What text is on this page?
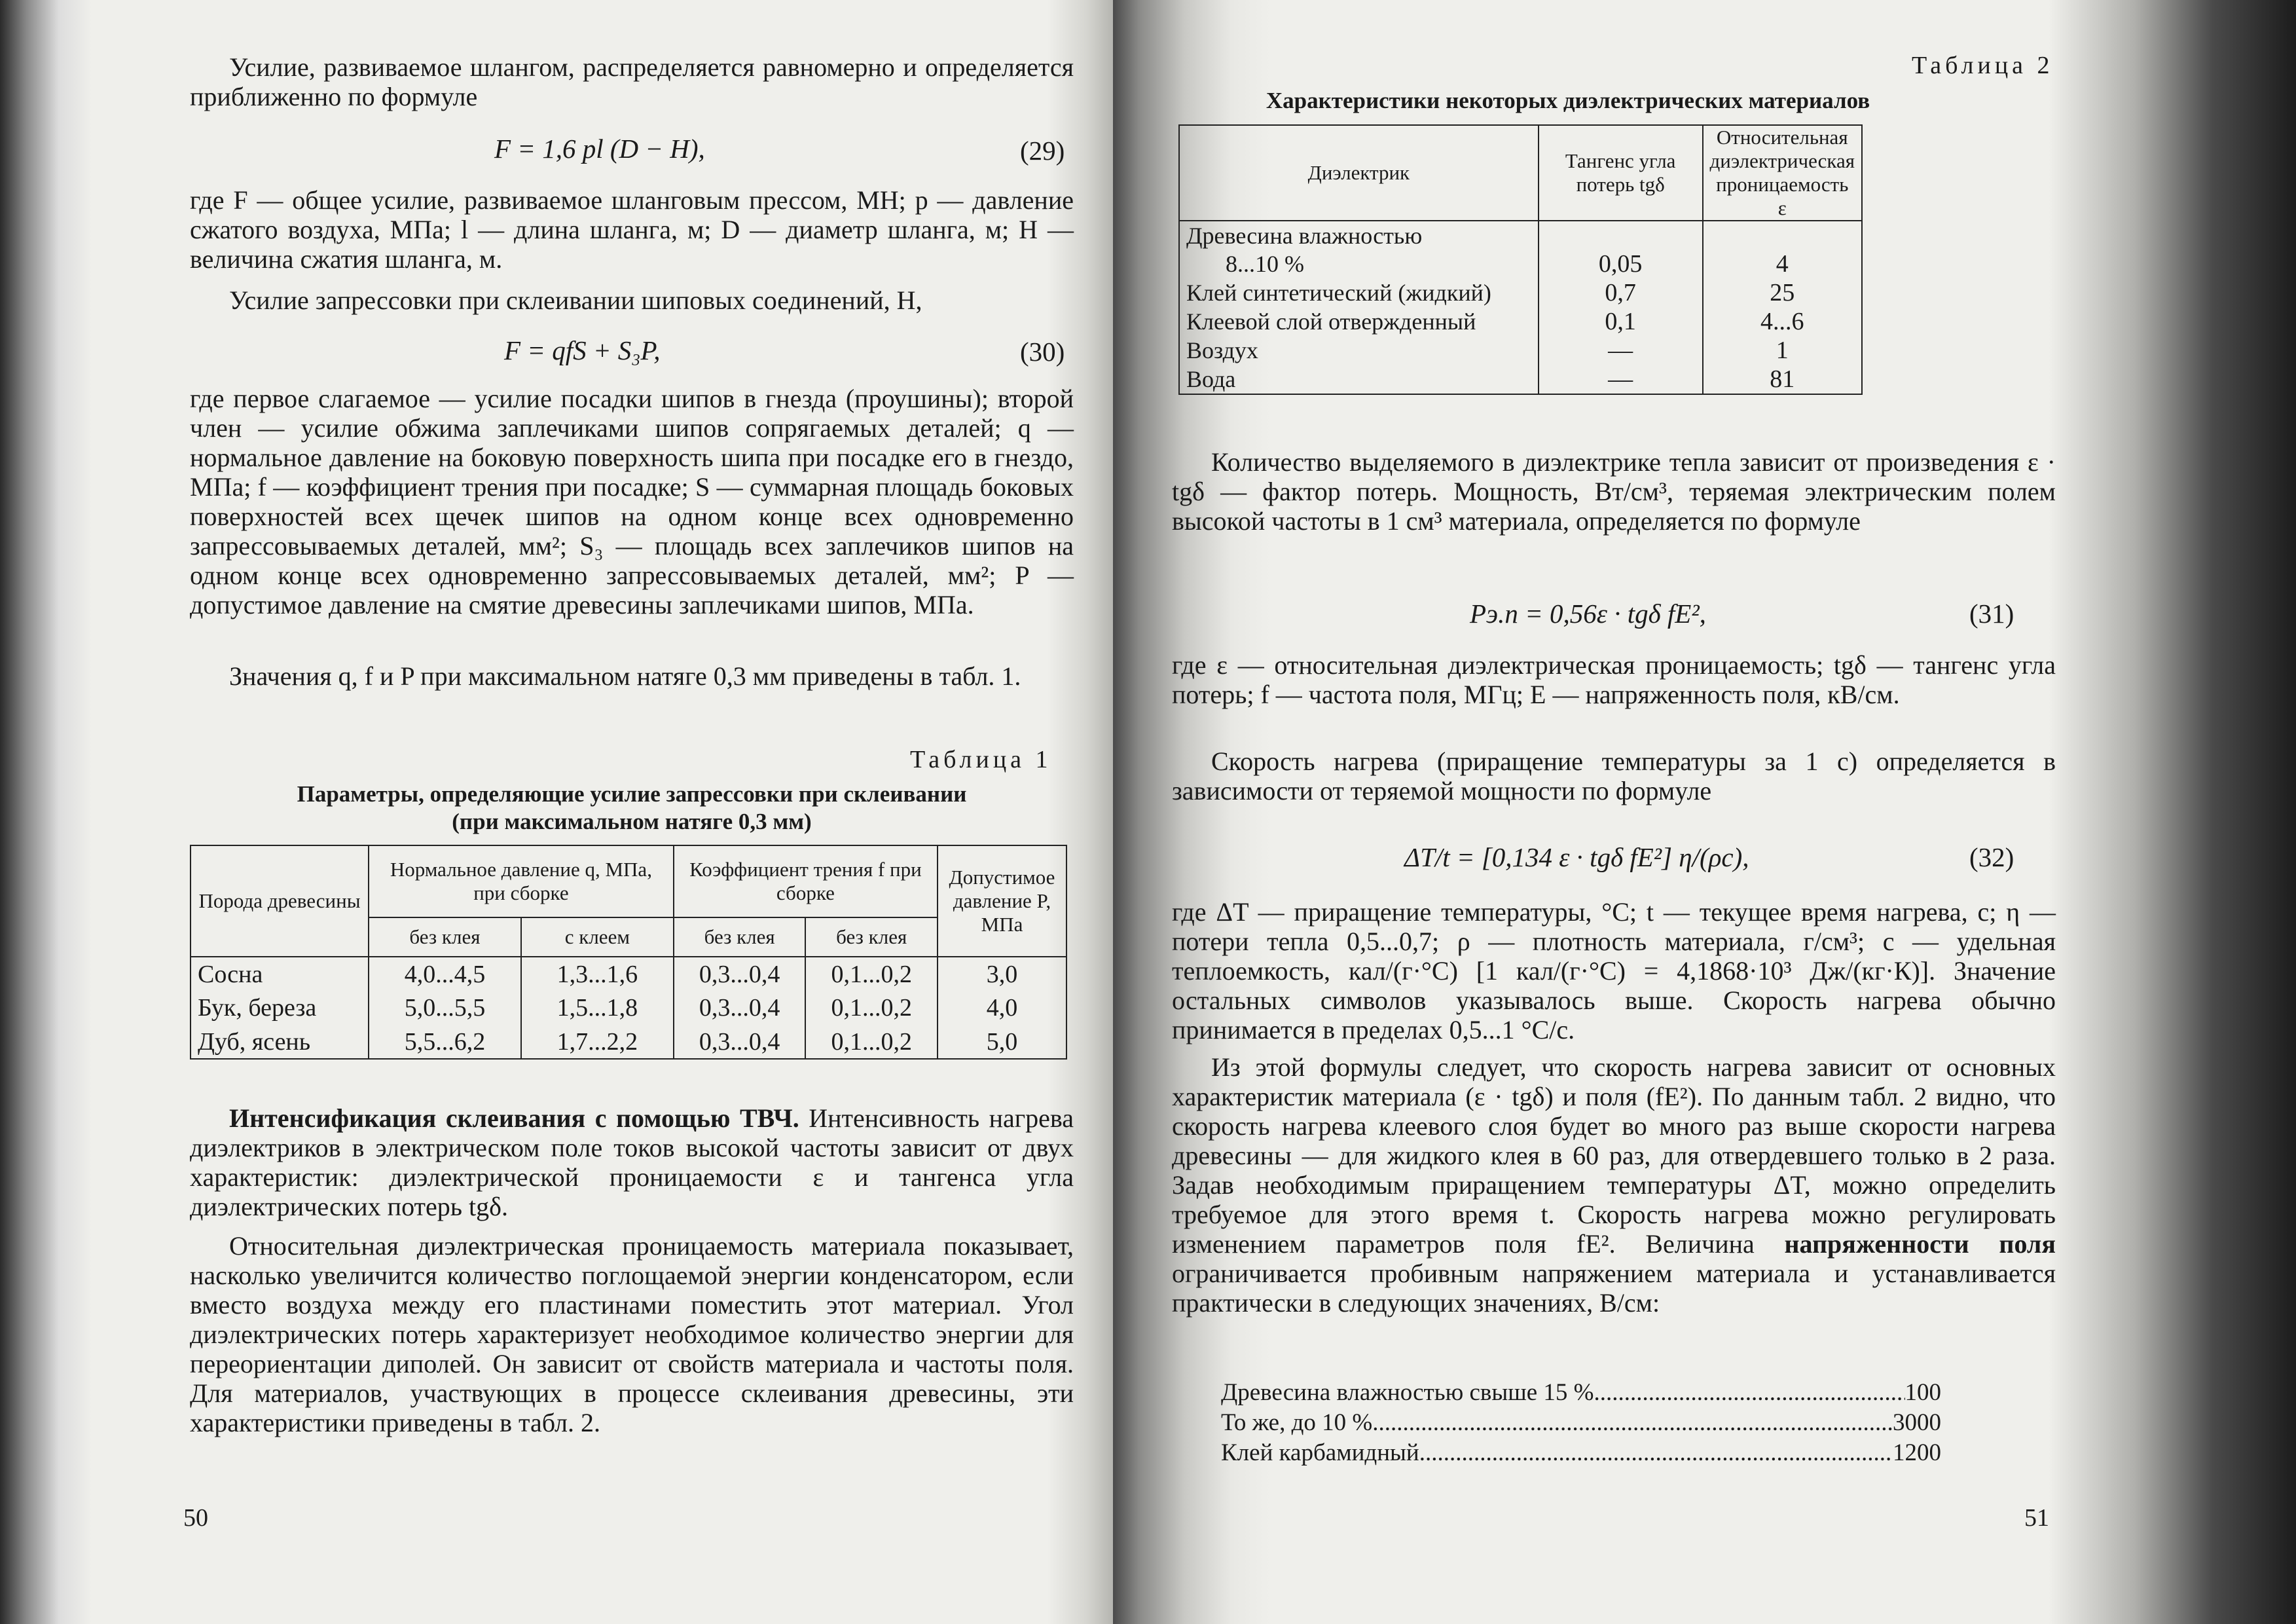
Усилие, развиваемое шлангом, распределяется равномерно и определяется приближенно по формуле

F = 1,6 pl (D − H),	(29)

где F — общее усилие, развиваемое шланговым прессом, МН; p — давление сжатого воздуха, МПа; l — длина шланга, м; D — диаметр шланга, м; H — величина сжатия шланга, м.

Усилие запрессовки при склеивании шиповых соединений, Н,

F = qfS + S₃P,	(30)

где первое слагаемое — усилие посадки шипов в гнезда (проушины); второй член — усилие обжима заплечиками шипов сопрягаемых деталей; q — нормальное давление на боковую поверхность шипа при посадке его в гнездо, МПа; f — коэффициент трения при посадке; S — суммарная площадь боковых поверхностей всех щечек шипов на одном конце всех одновременно запрессовываемых деталей, мм²; S₃ — площадь всех заплечиков шипов на одном конце всех одновременно запрессовываемых деталей, мм²; P — допустимое давление на смятие древесины заплечиками шипов, МПа.

Значения q, f и P при максимальном натяге 0,3 мм приведены в табл. 1.

Таблица 1
Параметры, определяющие усилие запрессовки при склеивании
(при максимальном натяге 0,3 мм)
Порода древесины	Нормальное давление q, МПа, при сборке		Коэффициент трения f при сборке		Допустимое давление P, МПа
	без клея	с клеем	без клея	без клея	
Сосна	4,0...4,5	1,3...1,6	0,3...0,4	0,1...0,2	3,0
Бук, береза	5,0...5,5	1,5...1,8	0,3...0,4	0,1...0,2	4,0
Дуб, ясень	5,5...6,2	1,7...2,2	0,3...0,4	0,1...0,2	5,0

Интенсификация склеивания с помощью ТВЧ. Интенсивность нагрева диэлектриков в электрическом поле токов высокой частоты зависит от двух характеристик: диэлектрической проницаемости ε и тангенса угла диэлектрических потерь tgδ.

Относительная диэлектрическая проницаемость материала показывает, насколько увеличится количество поглощаемой энергии конденсатором, если вместо воздуха между его пластинами поместить этот материал. Угол диэлектрических потерь характеризует необходимое количество энергии для переориентации диполей. Он зависит от свойств материала и частоты поля. Для материалов, участвующих в процессе склеивания древесины, эти характеристики приведены в табл. 2.

50
Таблица 2
Характеристики некоторых диэлектрических материалов
Диэлектрик	Тангенс угла потерь tgδ	Относительная диэлектрическая проницаемость ε
Древесина влажностью		
8...10 %	0,05	4
Клей синтетический (жидкий)	0,7	25
Клеевой слой отвержденный	0,1	4...6
Воздух	—	1
Вода	—	81

Количество выделяемого в диэлектрике тепла зависит от произведения ε · tgδ — фактор потерь. Мощность, Вт/см³, теряемая электрическим полем высокой частоты в 1 см³ материала, определяется по формуле

Pэ.п = 0,56ε · tgδ fE²,	(31)

где ε — относительная диэлектрическая проницаемость; tgδ — тангенс угла потерь; f — частота поля, МГц; E — напряженность поля, кВ/см.

Скорость нагрева (приращение температуры за 1 с) определяется в зависимости от теряемой мощности по формуле

ΔT/t = [0,134 ε · tgδ fE²] η/(ρc),	(32)

где ΔT — приращение температуры, °C; t — текущее время нагрева, с; η — потери тепла 0,5...0,7; ρ — плотность материала, г/см³; c — удельная теплоемкость, кал/(г·°С) [1 кал/(г·°С) = 4,1868·10³ Дж/(кг·К)]. Значение остальных символов указывалось выше. Скорость нагрева обычно принимается в пределах 0,5...1 °С/с.

Из этой формулы следует, что скорость нагрева зависит от основных характеристик материала (ε · tgδ) и поля (fE²). По данным табл. 2 видно, что скорость нагрева клеевого слоя будет во много раз выше скорости нагрева древесины — для жидкого клея в 60 раз, для отвердевшего только в 2 раза. Задав необходимым приращением температуры ΔT, можно определить требуемое для этого время t. Скорость нагрева можно регулировать изменением параметров поля fE². Величина напряженности поля ограничивается пробивным напряжением материала и устанавливается практически в следующих значениях, В/см:

Древесина влажностью свыше 15 % .....	100
То же, до 10 % .....	3000
Клей карбамидный .....	1200
51
